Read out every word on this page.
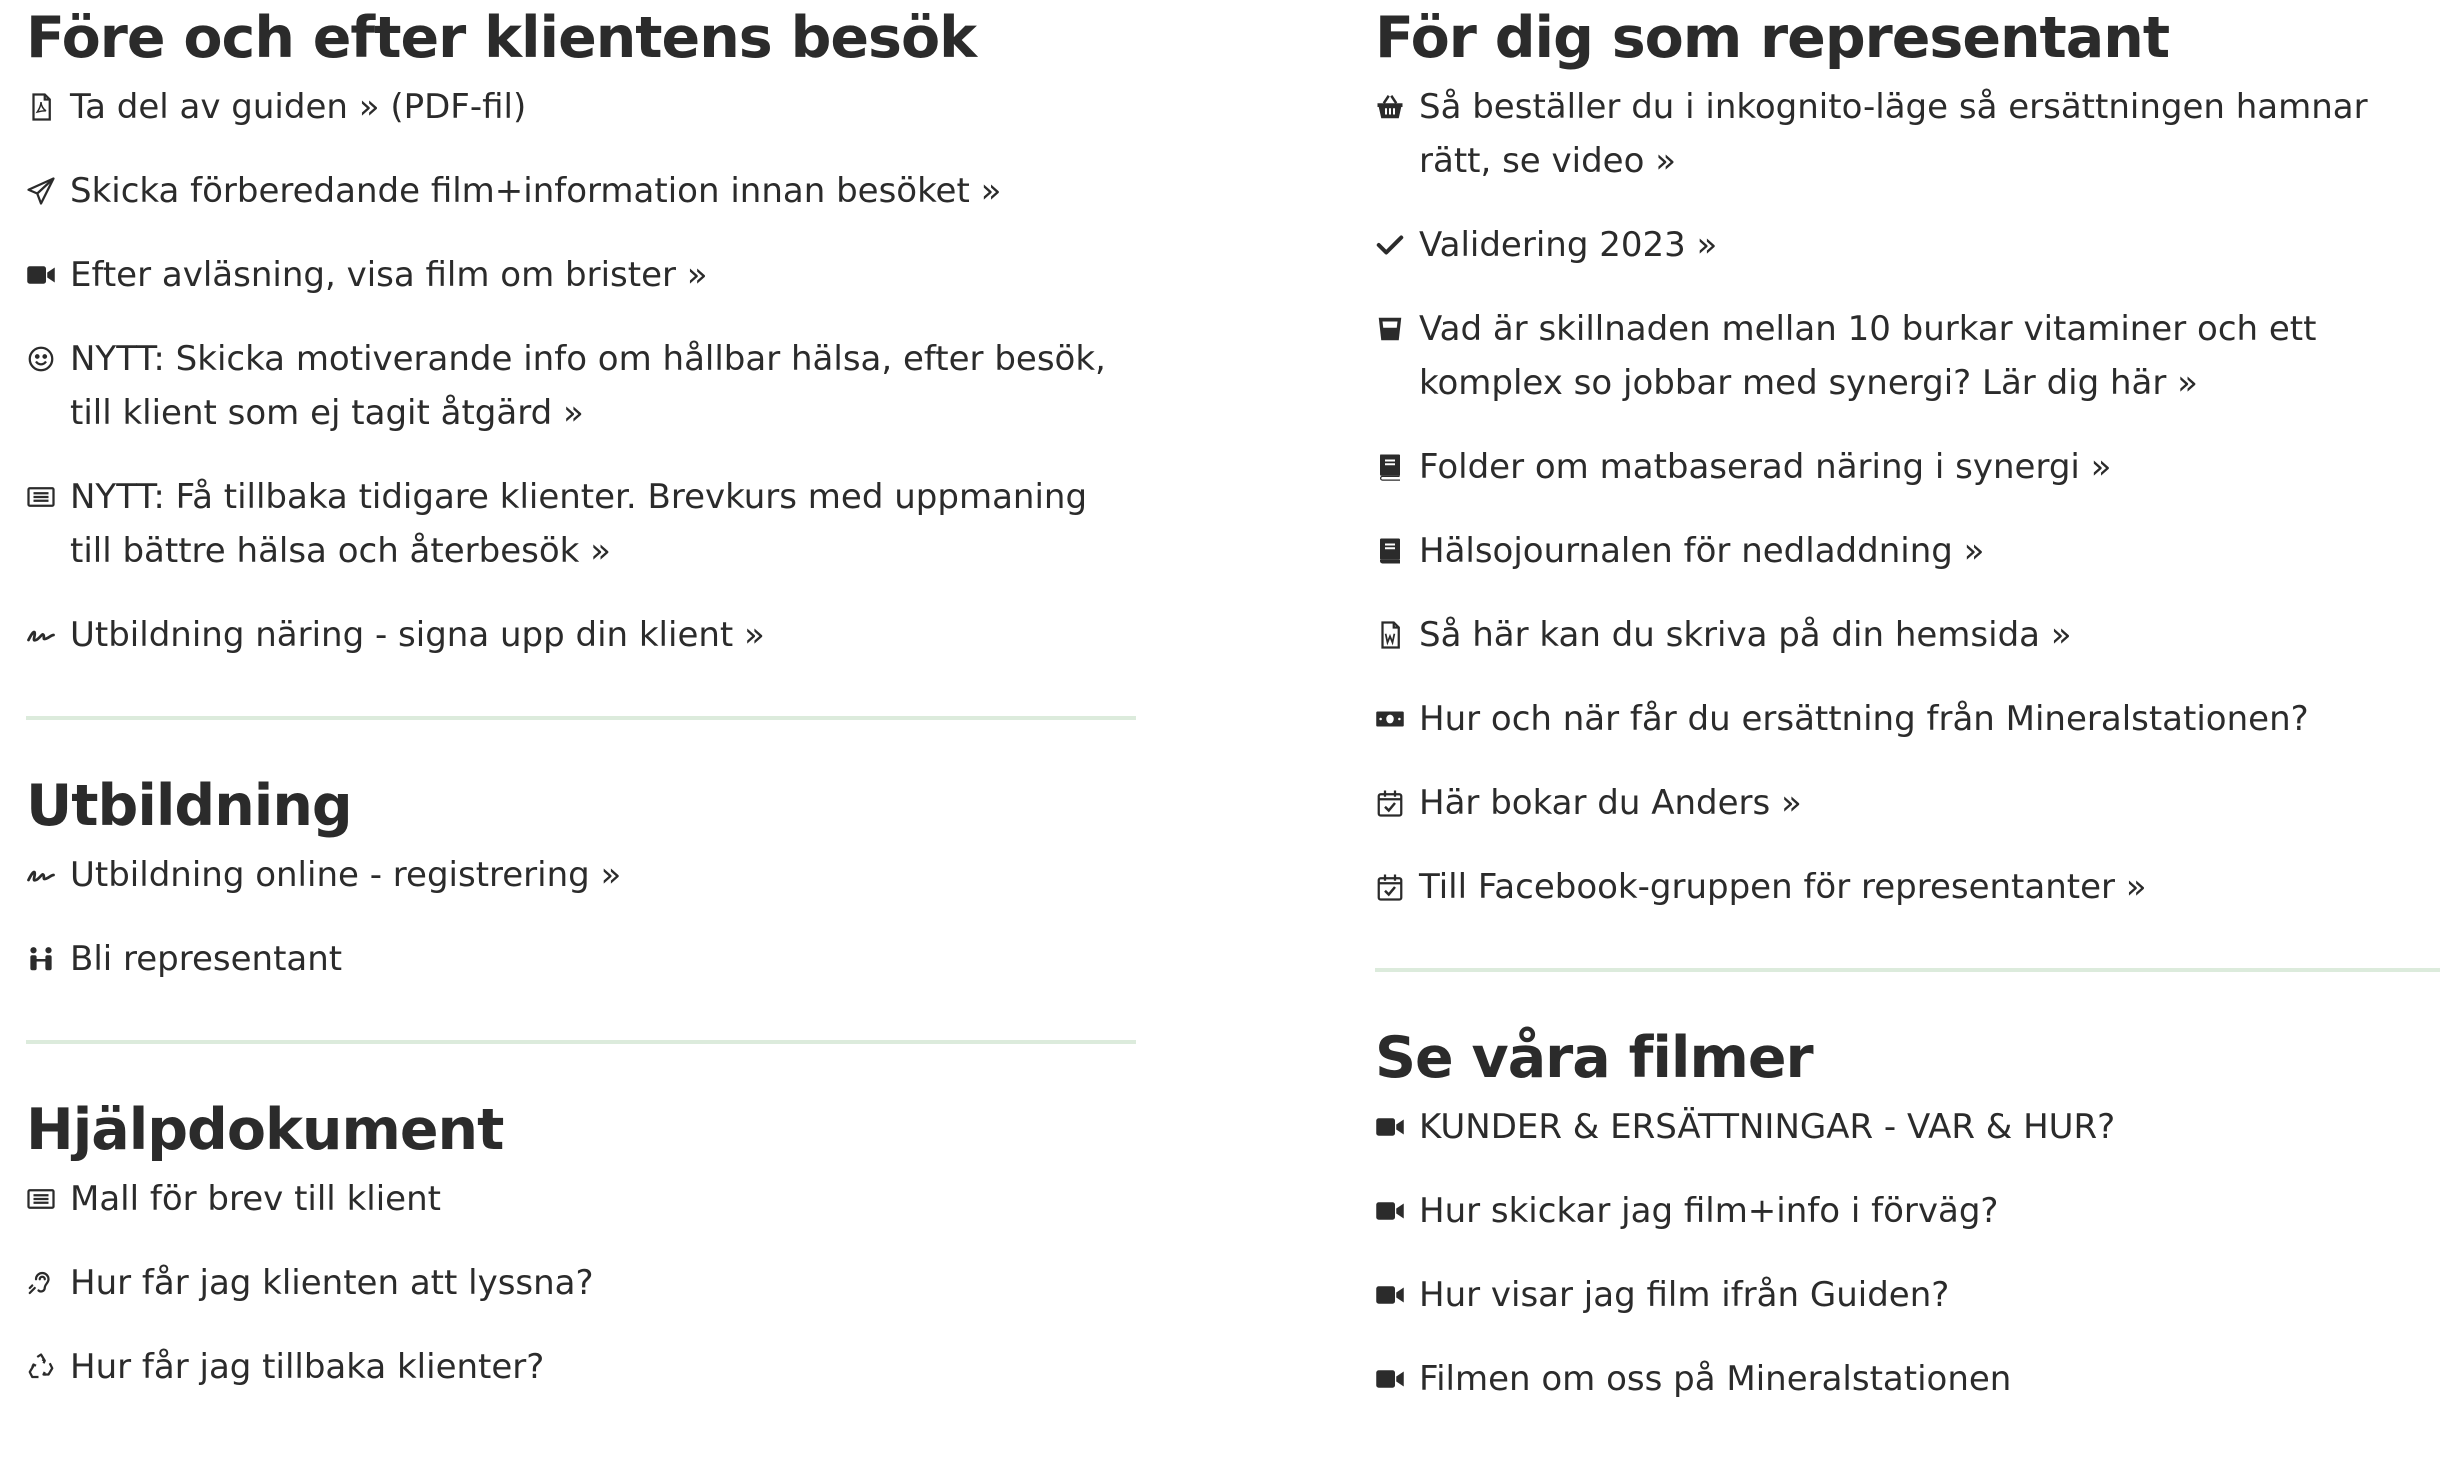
Före och efter klientens besök
Ta del av guiden » (PDF-fil)
Skicka förberedande film+information innan besöket »
Efter avläsning, visa film om brister »
NYTT: Skicka motiverande info om hållbar hälsa, efter besök, till klient som ej tagit åtgärd »
NYTT: Få tillbaka tidigare klienter. Brevkurs med uppmaning till bättre hälsa och återbesök »
Utbildning näring - signa upp din klient »
Utbildning
Utbildning online - registrering »
Bli representant
Hjälpdokument
Mall för brev till klient
Hur får jag klienten att lyssna?
Hur får jag tillbaka klienter?
För dig som representant
Så beställer du i inkognito-läge så ersättningen hamnar rätt, se video »
Validering 2023 »
Vad är skillnaden mellan 10 burkar vitaminer och ett komplex so jobbar med synergi? Lär dig här »
Folder om matbaserad näring i synergi »
Hälsojournalen för nedladdning »
Så här kan du skriva på din hemsida »
Hur och när får du ersättning från Mineralstationen?
Här bokar du Anders »
Till Facebook-gruppen för representanter »
Se våra filmer
KUNDER & ERSÄTTNINGAR - VAR & HUR?
Hur skickar jag film+info i förväg?
Hur visar jag film ifrån Guiden?
Filmen om oss på Mineralstationen
